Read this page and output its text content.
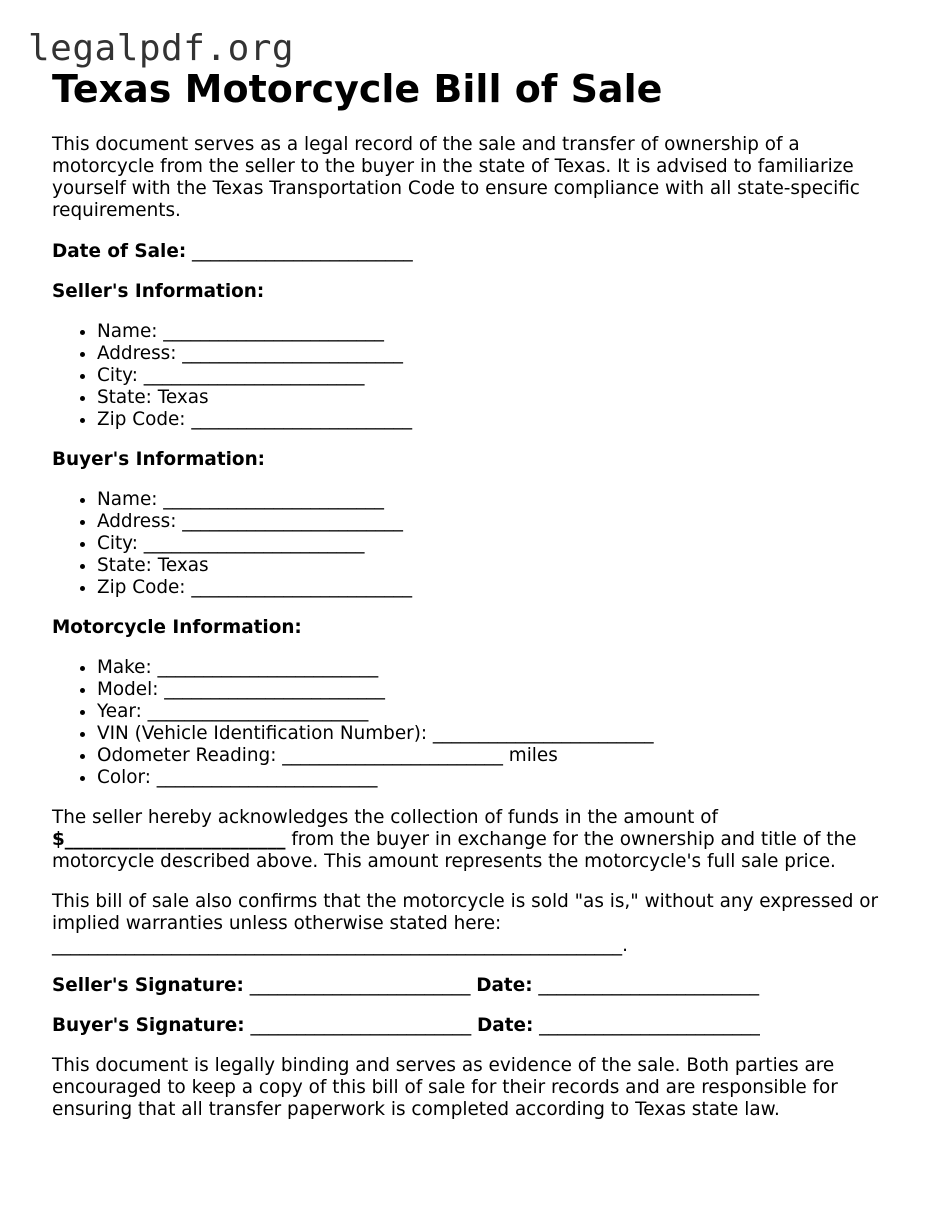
legalpdf.org
Texas Motorcycle Bill of Sale

This document serves as a legal record of the sale and transfer of ownership of a motorcycle from the seller to the buyer in the state of Texas. It is advised to familiarize yourself with the Texas Transportation Code to ensure compliance with all state-specific requirements.

Date of Sale: ________________________

Seller's Information:

• Name: ________________________
• Address: ________________________
• City: ________________________
• State: Texas
• Zip Code: ________________________

Buyer's Information:

• Name: ________________________
• Address: ________________________
• City: ________________________
• State: Texas
• Zip Code: ________________________

Motorcycle Information:

• Make: ________________________
• Model: ________________________
• Year: ________________________
• VIN (Vehicle Identification Number): ________________________
• Odometer Reading: ________________________ miles
• Color: ________________________

The seller hereby acknowledges the collection of funds in the amount of
$________________________ from the buyer in exchange for the ownership and title of the motorcycle described above. This amount represents the motorcycle's full sale price.

This bill of sale also confirms that the motorcycle is sold "as is," without any expressed or implied warranties unless otherwise stated here:
______________________________________________________________.

Seller's Signature: ________________________ Date: ________________________

Buyer's Signature: ________________________ Date: ________________________

This document is legally binding and serves as evidence of the sale. Both parties are encouraged to keep a copy of this bill of sale for their records and are responsible for ensuring that all transfer paperwork is completed according to Texas state law.
